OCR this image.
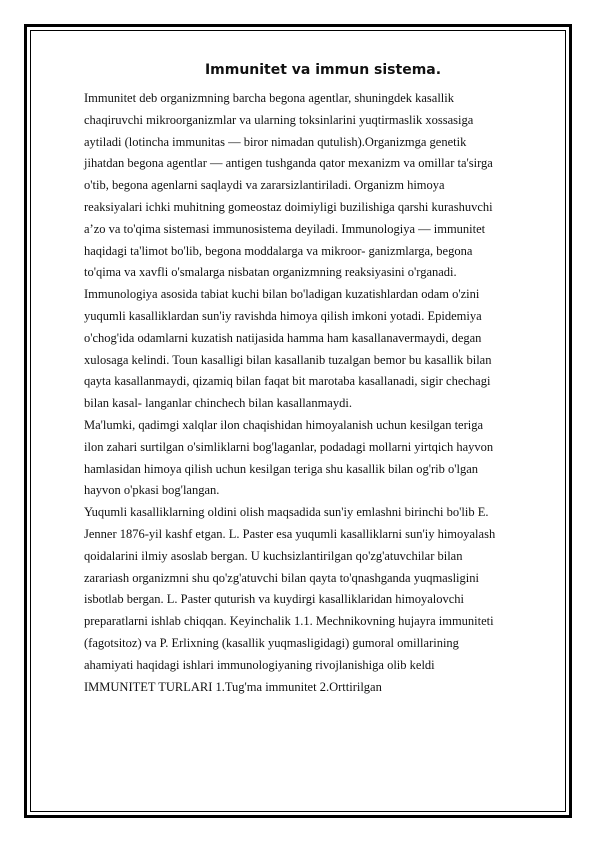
Immunitet va immun sistema.
Immunitet deb organizmning barcha begona agentlar, shuningdek kasallik
chaqiruvchi mikroorganizmlar va ularning toksinlarini yuqtirmaslik xossasiga
aytiladi (lotincha immunitas — biror nimadan qutulish).Organizmga genetik
jihatdan begona agentlar — antigen tushganda qator mexanizm va omillar ta'sirga
o'tib, begona agenlarni saqlaydi va zararsizlantiriladi. Organizm himoya
reaksiyalari ichki muhitning gomeostaz doimiyligi buzilishiga qarshi kurashuvchi
a’zo va to'qima sistemasi immunosistema deyiladi. Immunologiya — immunitet
haqidagi ta'limot bo'lib, begona moddalarga va mikroor- ganizmlarga, begona
to'qima va xavfli o'smalarga nisbatan organizmning reaksiyasini o'rganadi.
Immunologiya asosida tabiat kuchi bilan bo'ladigan kuzatishlardan odam o'zini
yuqumli kasalliklardan sun'iy ravishda himoya qilish imkoni yotadi. Epidemiya
o'chog'ida odamlarni kuzatish natijasida hamma ham kasallanavermaydi, degan
xulosaga kelindi. Toun kasalligi bilan kasallanib tuzalgan bemor bu kasallik bilan
qayta kasallanmaydi, qizamiq bilan faqat bit marotaba kasallanadi, sigir chechagi
bilan kasal- langanlar chinchech bilan kasallanmaydi.
Ma'lumki, qadimgi xalqlar ilon chaqishidan himoyalanish uchun kesilgan teriga
ilon zahari surtilgan o'simliklarni bog'laganlar, podadagi mollarni yirtqich hayvon
hamlasidan himoya qilish uchun kesilgan teriga shu kasallik bilan og'rib o'lgan
hayvon o'pkasi bog'langan.
Yuqumli kasalliklarning oldini olish maqsadida sun'iy emlashni birinchi bo'lib E.
Jenner 1876-yil kashf etgan. L. Paster esa yuqumli kasalliklarni sun'iy himoyalash
qoidalarini ilmiy asoslab bergan. U kuchsizlantirilgan qo'zg'atuvchilar bilan
zarariash organizmni shu qo'zg'atuvchi bilan qayta to'qnashganda yuqmasligini
isbotlab bergan. L. Paster quturish va kuydirgi kasalliklaridan himoyalovchi
preparatlarni ishlab chiqqan. Keyinchalik 1.1. Mechnikovning hujayra immuniteti
(fagotsitoz) va P. Erlixning (kasallik yuqmasligidagi) gumoral omillarining
ahamiyati haqidagi ishlari immunologiyaning rivojlanishiga olib keldi
IMMUNITET TURLARI 1.Tug'ma immunitet 2.Orttirilgan
